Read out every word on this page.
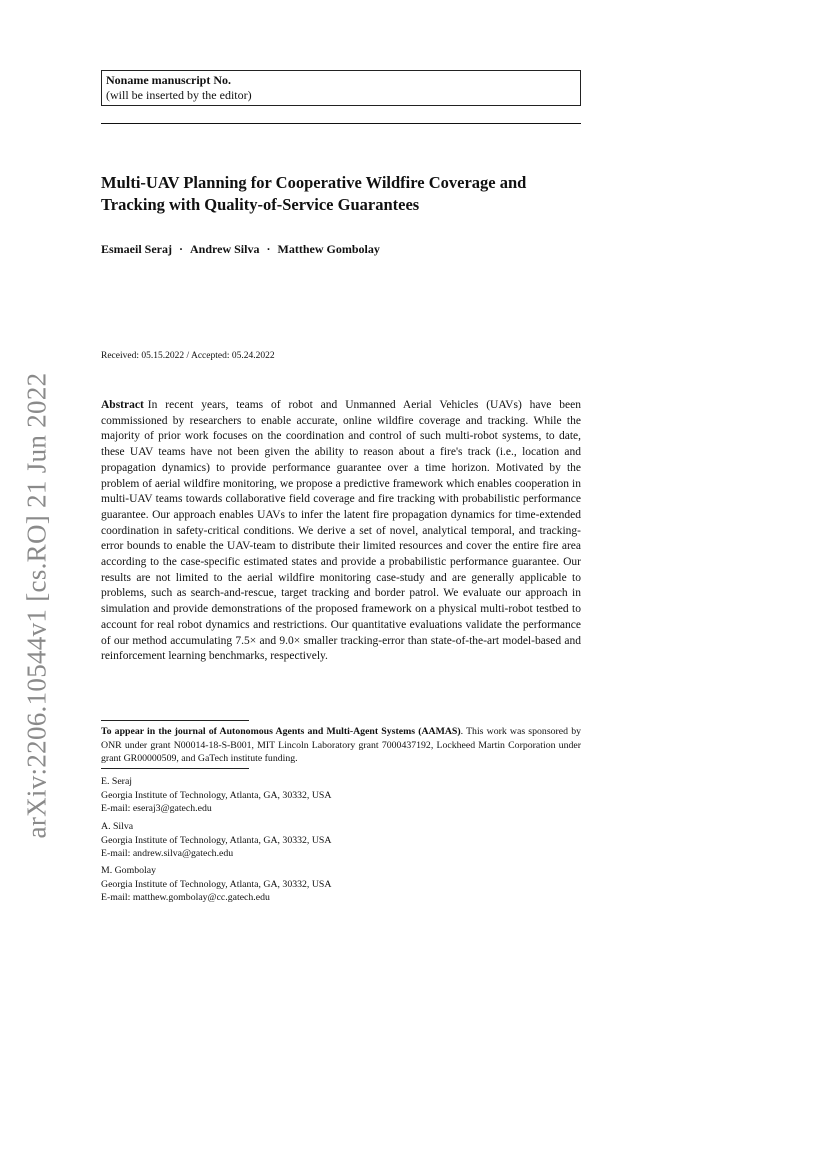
arXiv:2206.10544v1 [cs.RO] 21 Jun 2022
Noname manuscript No.
(will be inserted by the editor)
Multi-UAV Planning for Cooperative Wildfire Coverage and Tracking with Quality-of-Service Guarantees
Esmaeil Seraj · Andrew Silva · Matthew Gombolay
Received: 05.15.2022 / Accepted: 05.24.2022

Abstract In recent years, teams of robot and Unmanned Aerial Vehicles (UAVs) have been commissioned by researchers to enable accurate, online wildfire coverage and tracking. While the majority of prior work focuses on the coordination and control of such multi-robot systems, to date, these UAV teams have not been given the ability to reason about a fire's track (i.e., location and propagation dynamics) to provide performance guarantee over a time horizon. Motivated by the problem of aerial wildfire monitoring, we propose a predictive framework which enables cooperation in multi-UAV teams towards collaborative field coverage and fire tracking with probabilistic performance guarantee. Our approach enables UAVs to infer the latent fire propagation dynamics for time-extended coordination in safety-critical conditions. We derive a set of novel, analytical temporal, and tracking-error bounds to enable the UAV-team to distribute their limited resources and cover the entire fire area according to the case-specific estimated states and provide a probabilistic performance guarantee. Our results are not limited to the aerial wildfire monitoring case-study and are generally applicable to problems, such as search-and-rescue, target tracking and border patrol. We evaluate our approach in simulation and provide demonstrations of the proposed framework on a physical multi-robot testbed to account for real robot dynamics and restrictions. Our quantitative evaluations validate the performance of our method accumulating 7.5× and 9.0× smaller tracking-error than state-of-the-art model-based and reinforcement learning benchmarks, respectively.

To appear in the journal of Autonomous Agents and Multi-Agent Systems (AAMAS). This work was sponsored by ONR under grant N00014-18-S-B001, MIT Lincoln Laboratory grant 7000437192, Lockheed Martin Corporation under grant GR00000509, and GaTech institute funding.

E. Seraj
Georgia Institute of Technology, Atlanta, GA, 30332, USA
E-mail: eseraj3@gatech.edu
A. Silva
Georgia Institute of Technology, Atlanta, GA, 30332, USA
E-mail: andrew.silva@gatech.edu
M. Gombolay
Georgia Institute of Technology, Atlanta, GA, 30332, USA
E-mail: matthew.gombolay@cc.gatech.edu
